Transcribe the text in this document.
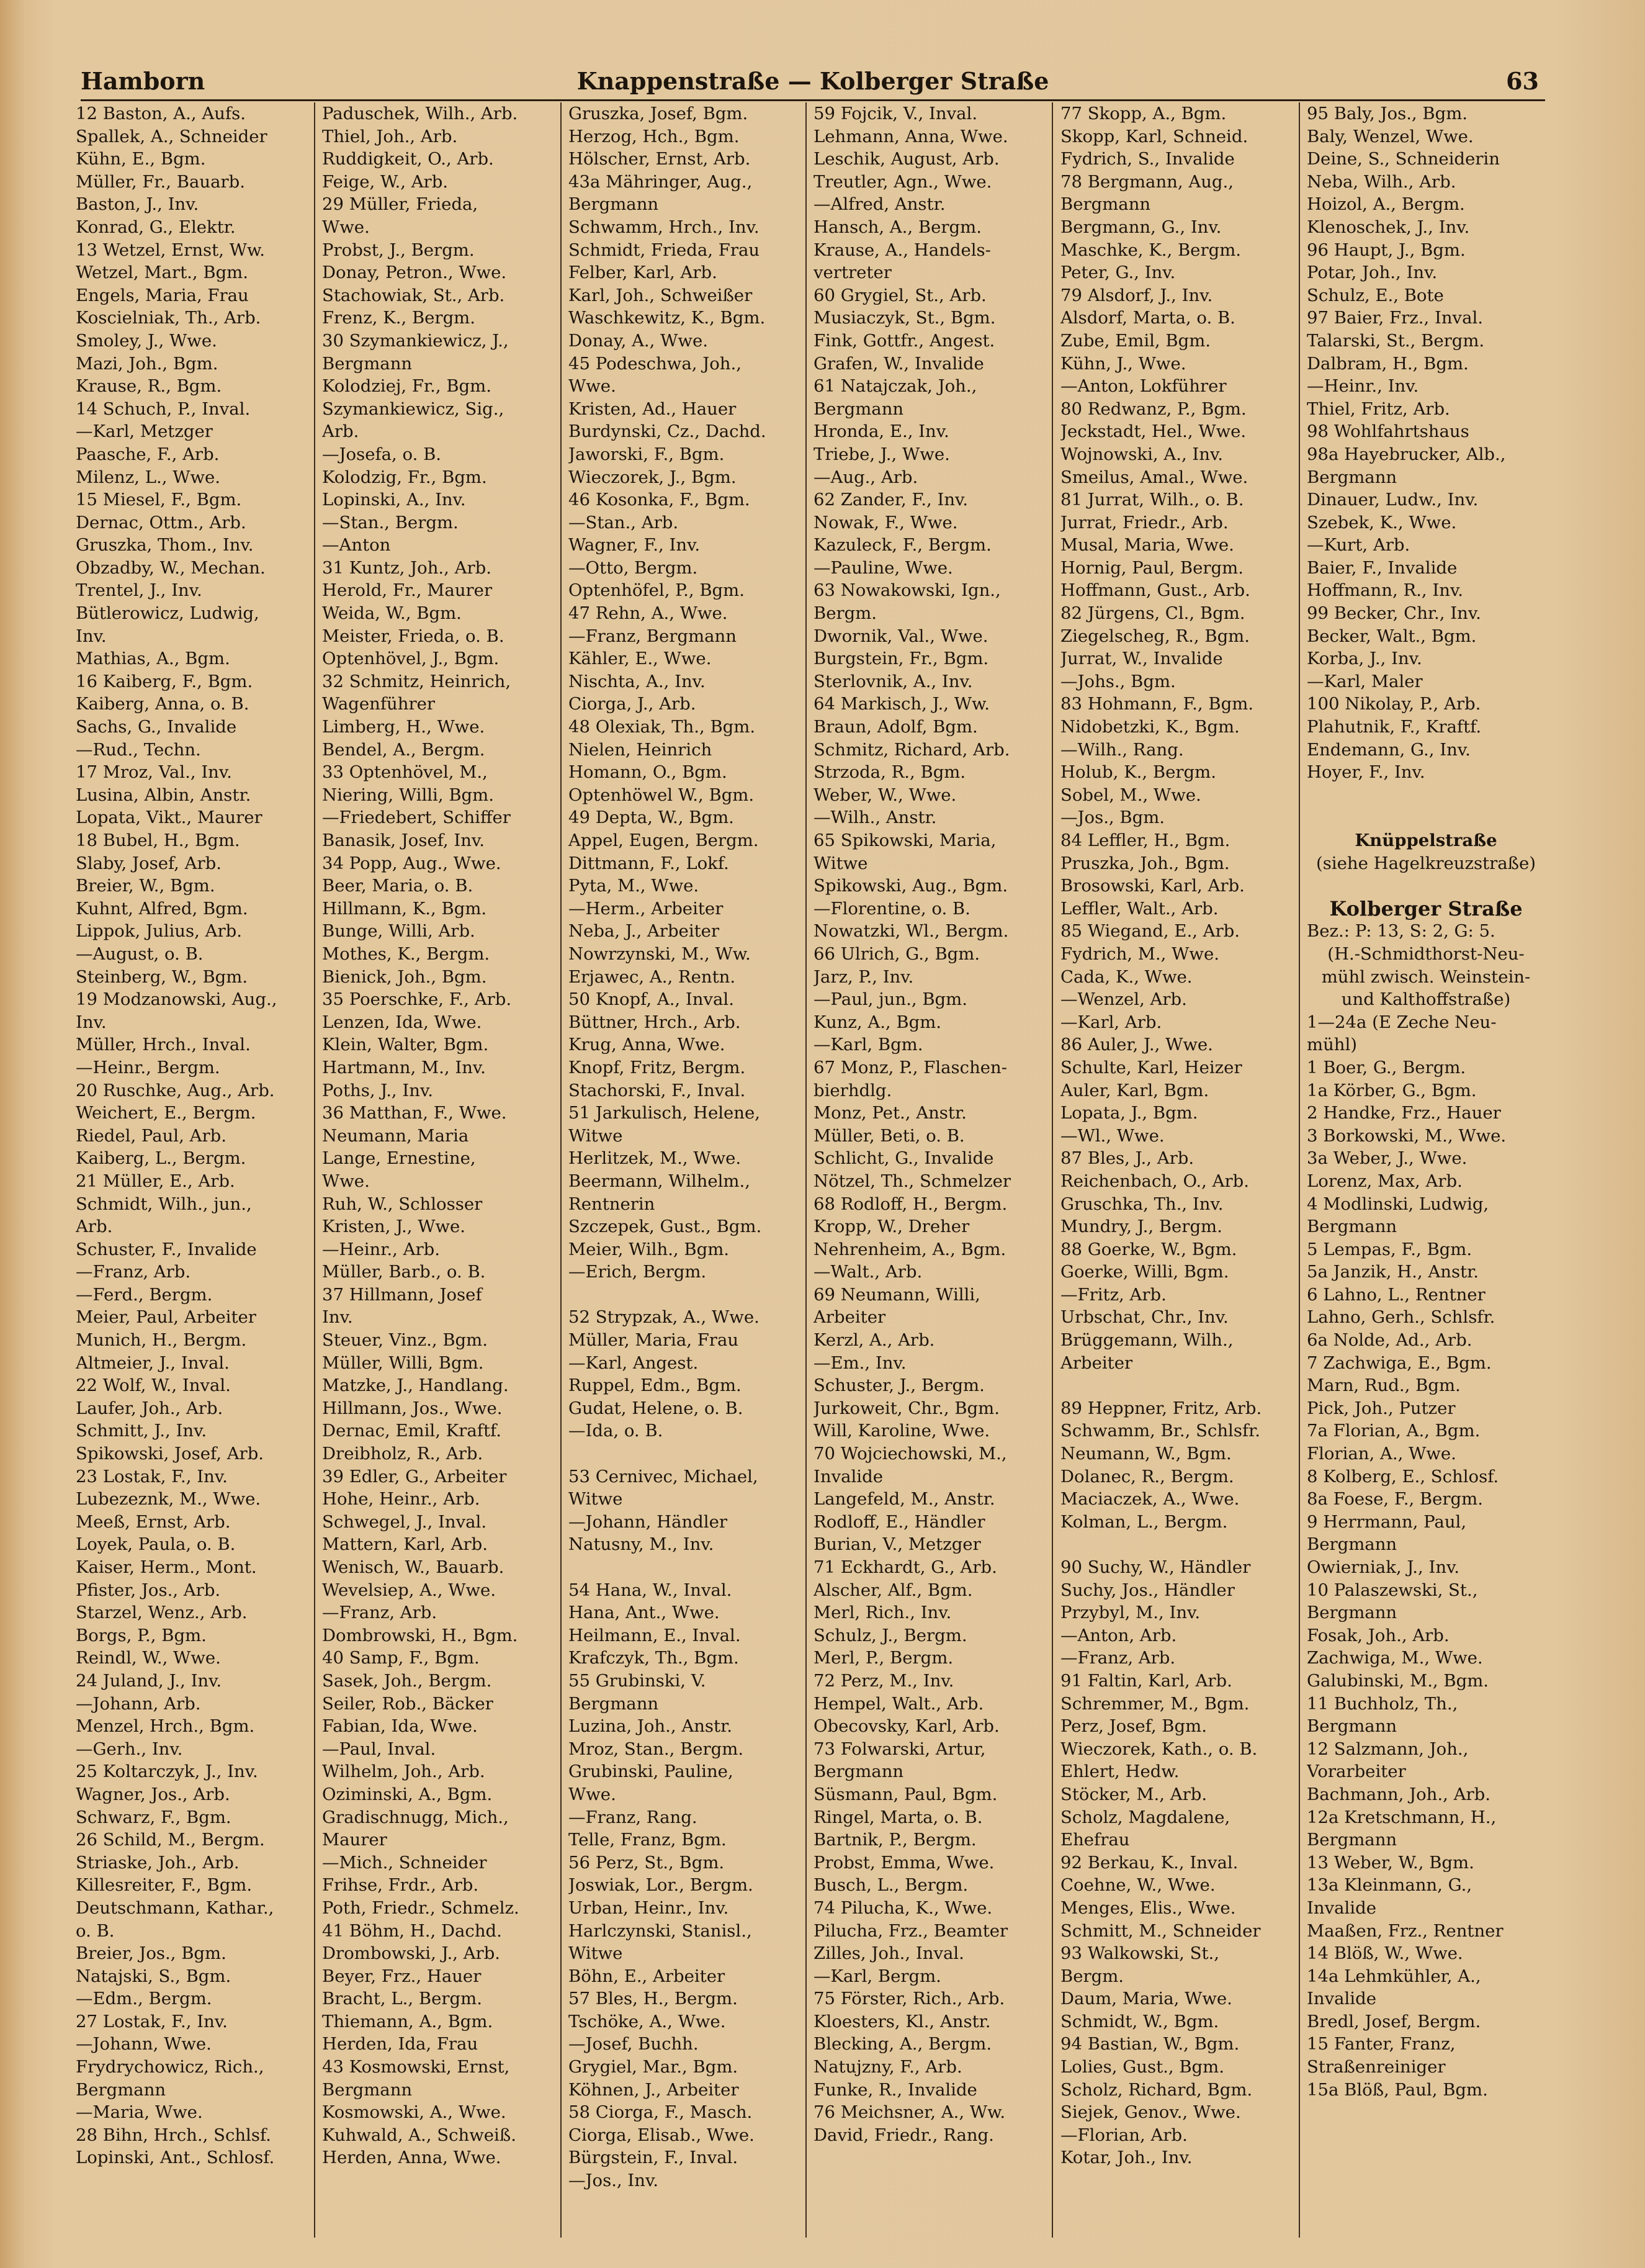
Hamborn	Knappenstraße — Kolberger Straße	63
12 Baston, A., Aufs.
Spallek, A., Schneider
Kühn, E., Bgm.
Müller, Fr., Bauarb.
Baston, J., Inv.
Konrad, G., Elektr.
13 Wetzel, Ernst, Ww.
Wetzel, Mart., Bgm.
Engels, Maria, Frau
Koscielniak, Th., Arb.
Smoley, J., Wwe.
Mazi, Joh., Bgm.
Krause, R., Bgm.
14 Schuch, P., Inval.
—Karl, Metzger
Paasche, F., Arb.
Milenz, L., Wwe.
15 Miesel, F., Bgm.
Dernac, Ottm., Arb.
Gruszka, Thom., Inv.
Obzadby, W., Mechan.
Trentel, J., Inv.
Bütlerowicz, Ludwig,
Inv.
Mathias, A., Bgm.
16 Kaiberg, F., Bgm.
Kaiberg, Anna, o. B.
Sachs, G., Invalide
—Rud., Techn.
17 Mroz, Val., Inv.
Lusina, Albin, Anstr.
Lopata, Vikt., Maurer
18 Bubel, H., Bgm.
Slaby, Josef, Arb.
Breier, W., Bgm.
Kuhnt, Alfred, Bgm.
Lippok, Julius, Arb.
—August, o. B.
Steinberg, W., Bgm.
19 Modzanowski, Aug.,
Inv.
Müller, Hrch., Inval.
—Heinr., Bergm.
20 Ruschke, Aug., Arb.
Weichert, E., Bergm.
Riedel, Paul, Arb.
Kaiberg, L., Bergm.
21 Müller, E., Arb.
Schmidt, Wilh., jun.,
Arb.
Schuster, F., Invalide
—Franz, Arb.
—Ferd., Bergm.
Meier, Paul, Arbeiter
Munich, H., Bergm.
Altmeier, J., Inval.
22 Wolf, W., Inval.
Laufer, Joh., Arb.
Schmitt, J., Inv.
Spikowski, Josef, Arb.
23 Lostak, F., Inv.
Lubezeznk, M., Wwe.
Meeß, Ernst, Arb.
Loyek, Paula, o. B.
Kaiser, Herm., Mont.
Pfister, Jos., Arb.
Starzel, Wenz., Arb.
Borgs, P., Bgm.
Reindl, W., Wwe.
24 Juland, J., Inv.
—Johann, Arb.
Menzel, Hrch., Bgm.
—Gerh., Inv.
25 Koltarczyk, J., Inv.
Wagner, Jos., Arb.
Schwarz, F., Bgm.
26 Schild, M., Bergm.
Striaske, Joh., Arb.
Killesreiter, F., Bgm.
Deutschmann, Kathar.,
o. B.
Breier, Jos., Bgm.
Natajski, S., Bgm.
—Edm., Bergm.
27 Lostak, F., Inv.
—Johann, Wwe.
Frydrychowicz, Rich.,
Bergmann
—Maria, Wwe.
28 Bihn, Hrch., Schlsf.
Lopinski, Ant., Schlosf.
Paduschek, Wilh., Arb.
Thiel, Joh., Arb.
Ruddigkeit, O., Arb.
Feige, W., Arb.
29 Müller, Frieda,
Wwe.
Probst, J., Bergm.
Donay, Petron., Wwe.
Stachowiak, St., Arb.
Frenz, K., Bergm.
30 Szymankiewicz, J.,
Bergmann
Kolodziej, Fr., Bgm.
Szymankiewicz, Sig.,
Arb.
—Josefa, o. B.
Kolodzig, Fr., Bgm.
Lopinski, A., Inv.
—Stan., Bergm.
—Anton
31 Kuntz, Joh., Arb.
Herold, Fr., Maurer
Weida, W., Bgm.
Meister, Frieda, o. B.
Optenhövel, J., Bgm.
32 Schmitz, Heinrich,
Wagenführer
Limberg, H., Wwe.
Bendel, A., Bergm.
33 Optenhövel, M.,
Niering, Willi, Bgm.
—Friedebert, Schiffer
Banasik, Josef, Inv.
34 Popp, Aug., Wwe.
Beer, Maria, o. B.
Hillmann, K., Bgm.
Bunge, Willi, Arb.
Mothes, K., Bergm.
Bienick, Joh., Bgm.
35 Poerschke, F., Arb.
Lenzen, Ida, Wwe.
Klein, Walter, Bgm.
Hartmann, M., Inv.
Poths, J., Inv.
36 Matthan, F., Wwe.
Neumann, Maria
Lange, Ernestine,
Wwe.
Ruh, W., Schlosser
Kristen, J., Wwe.
—Heinr., Arb.
Müller, Barb., o. B.
37 Hillmann, Josef
Inv.
Steuer, Vinz., Bgm.
Müller, Willi, Bgm.
Matzke, J., Handlang.
Hillmann, Jos., Wwe.
Dernac, Emil, Kraftf.
Dreibholz, R., Arb.
39 Edler, G., Arbeiter
Hohe, Heinr., Arb.
Schwegel, J., Inval.
Mattern, Karl, Arb.
Wenisch, W., Bauarb.
Wevelsiep, A., Wwe.
—Franz, Arb.
Dombrowski, H., Bgm.
40 Samp, F., Bgm.
Sasek, Joh., Bergm.
Seiler, Rob., Bäcker
Fabian, Ida, Wwe.
—Paul, Inval.
Wilhelm, Joh., Arb.
Oziminski, A., Bgm.
Gradischnugg, Mich.,
Maurer
—Mich., Schneider
Frihse, Frdr., Arb.
Poth, Friedr., Schmelz.
41 Böhm, H., Dachd.
Drombowski, J., Arb.
Beyer, Frz., Hauer
Bracht, L., Bergm.
Thiemann, A., Bgm.
Herden, Ida, Frau
43 Kosmowski, Ernst,
Bergmann
Kosmowski, A., Wwe.
Kuhwald, A., Schweiß.
Herden, Anna, Wwe.
Gruszka, Josef, Bgm.
Herzog, Hch., Bgm.
Hölscher, Ernst, Arb.
43a Mähringer, Aug.,
Bergmann
Schwamm, Hrch., Inv.
Schmidt, Frieda, Frau
Felber, Karl, Arb.
Karl, Joh., Schweißer
Waschkewitz, K., Bgm.
Donay, A., Wwe.
45 Podeschwa, Joh.,
Wwe.
Kristen, Ad., Hauer
Burdynski, Cz., Dachd.
Jaworski, F., Bgm.
Wieczorek, J., Bgm.
46 Kosonka, F., Bgm.
—Stan., Arb.
Wagner, F., Inv.
—Otto, Bergm.
Optenhöfel, P., Bgm.
47 Rehn, A., Wwe.
—Franz, Bergmann
Kähler, E., Wwe.
Nischta, A., Inv.
Ciorga, J., Arb.
48 Olexiak, Th., Bgm.
Nielen, Heinrich
Homann, O., Bgm.
Optenhöwel W., Bgm.
49 Depta, W., Bgm.
Appel, Eugen, Bergm.
Dittmann, F., Lokf.
Pyta, M., Wwe.
—Herm., Arbeiter
Neba, J., Arbeiter
Nowrzynski, M., Ww.
Erjawec, A., Rentn.
50 Knopf, A., Inval.
Büttner, Hrch., Arb.
Krug, Anna, Wwe.
Knopf, Fritz, Bergm.
Stachorski, F., Inval.
51 Jarkulisch, Helene,
Witwe
Herlitzek, M., Wwe.
Beermann, Wilhelm.,
Rentnerin
Szczepek, Gust., Bgm.
Meier, Wilh., Bgm.
—Erich, Bergm.
52 Strypzak, A., Wwe.
Müller, Maria, Frau
—Karl, Angest.
Ruppel, Edm., Bgm.
Gudat, Helene, o. B.
—Ida, o. B.
53 Cernivec, Michael,
Witwe
—Johann, Händler
Natusny, M., Inv.
54 Hana, W., Inval.
Hana, Ant., Wwe.
Heilmann, E., Inval.
Krafczyk, Th., Bgm.
55 Grubinski, V.
Bergmann
Luzina, Joh., Anstr.
Mroz, Stan., Bergm.
Grubinski, Pauline,
Wwe.
—Franz, Rang.
Telle, Franz, Bgm.
56 Perz, St., Bgm.
Joswiak, Lor., Bergm.
Urban, Heinr., Inv.
Harlczynski, Stanisl.,
Witwe
Böhn, E., Arbeiter
57 Bles, H., Bergm.
Tschöke, A., Wwe.
—Josef, Buchh.
Grygiel, Mar., Bgm.
Köhnen, J., Arbeiter
58 Ciorga, F., Masch.
Ciorga, Elisab., Wwe.
Bürgstein, F., Inval.
—Jos., Inv.
59 Fojcik, V., Inval.
Lehmann, Anna, Wwe.
Leschik, August, Arb.
Treutler, Agn., Wwe.
—Alfred, Anstr.
Hansch, A., Bergm.
Krause, A., Handels-
vertreter
60 Grygiel, St., Arb.
Musiaczyk, St., Bgm.
Fink, Gottfr., Angest.
Grafen, W., Invalide
61 Natajczak, Joh.,
Bergmann
Hronda, E., Inv.
Triebe, J., Wwe.
—Aug., Arb.
62 Zander, F., Inv.
Nowak, F., Wwe.
Kazuleck, F., Bergm.
—Pauline, Wwe.
63 Nowakowski, Ign.,
Bergm.
Dwornik, Val., Wwe.
Burgstein, Fr., Bgm.
Sterlovnik, A., Inv.
64 Markisch, J., Ww.
Braun, Adolf, Bgm.
Schmitz, Richard, Arb.
Strzoda, R., Bgm.
Weber, W., Wwe.
—Wilh., Anstr.
65 Spikowski, Maria,
Witwe
Spikowski, Aug., Bgm.
—Florentine, o. B.
Nowatzki, Wl., Bergm.
66 Ulrich, G., Bgm.
Jarz, P., Inv.
—Paul, jun., Bgm.
Kunz, A., Bgm.
—Karl, Bgm.
67 Monz, P., Flaschen-
bierhdlg.
Monz, Pet., Anstr.
Müller, Beti, o. B.
Schlicht, G., Invalide
Nötzel, Th., Schmelzer
68 Rodloff, H., Bergm.
Kropp, W., Dreher
Nehrenheim, A., Bgm.
—Walt., Arb.
69 Neumann, Willi,
Arbeiter
Kerzl, A., Arb.
—Em., Inv.
Schuster, J., Bergm.
Jurkoweit, Chr., Bgm.
Will, Karoline, Wwe.
70 Wojciechowski, M.,
Invalide
Langefeld, M., Anstr.
Rodloff, E., Händler
Burian, V., Metzger
71 Eckhardt, G., Arb.
Alscher, Alf., Bgm.
Merl, Rich., Inv.
Schulz, J., Bergm.
Merl, P., Bergm.
72 Perz, M., Inv.
Hempel, Walt., Arb.
Obecovsky, Karl, Arb.
73 Folwarski, Artur,
Bergmann
Süsmann, Paul, Bgm.
Ringel, Marta, o. B.
Bartnik, P., Bergm.
Probst, Emma, Wwe.
Busch, L., Bergm.
74 Pilucha, K., Wwe.
Pilucha, Frz., Beamter
Zilles, Joh., Inval.
—Karl, Bergm.
75 Förster, Rich., Arb.
Kloesters, Kl., Anstr.
Blecking, A., Bergm.
Natujzny, F., Arb.
Funke, R., Invalide
76 Meichsner, A., Ww.
David, Friedr., Rang.
77 Skopp, A., Bgm.
Skopp, Karl, Schneid.
Fydrich, S., Invalide
78 Bergmann, Aug.,
Bergmann
Bergmann, G., Inv.
Maschke, K., Bergm.
Peter, G., Inv.
79 Alsdorf, J., Inv.
Alsdorf, Marta, o. B.
Zube, Emil, Bgm.
Kühn, J., Wwe.
—Anton, Lokführer
80 Redwanz, P., Bgm.
Jeckstadt, Hel., Wwe.
Wojnowski, A., Inv.
Smeilus, Amal., Wwe.
81 Jurrat, Wilh., o. B.
Jurrat, Friedr., Arb.
Musal, Maria, Wwe.
Hornig, Paul, Bergm.
Hoffmann, Gust., Arb.
82 Jürgens, Cl., Bgm.
Ziegelscheg, R., Bgm.
Jurrat, W., Invalide
—Johs., Bgm.
83 Hohmann, F., Bgm.
Nidobetzki, K., Bgm.
—Wilh., Rang.
Holub, K., Bergm.
Sobel, M., Wwe.
—Jos., Bgm.
84 Leffler, H., Bgm.
Pruszka, Joh., Bgm.
Brosowski, Karl, Arb.
Leffler, Walt., Arb.
85 Wiegand, E., Arb.
Fydrich, M., Wwe.
Cada, K., Wwe.
—Wenzel, Arb.
—Karl, Arb.
86 Auler, J., Wwe.
Schulte, Karl, Heizer
Auler, Karl, Bgm.
Lopata, J., Bgm.
—Wl., Wwe.
87 Bles, J., Arb.
Reichenbach, O., Arb.
Gruschka, Th., Inv.
Mundry, J., Bergm.
88 Goerke, W., Bgm.
Goerke, Willi, Bgm.
—Fritz, Arb.
Urbschat, Chr., Inv.
Brüggemann, Wilh.,
Arbeiter
89 Heppner, Fritz, Arb.
Schwamm, Br., Schlsfr.
Neumann, W., Bgm.
Dolanec, R., Bergm.
Maciaczek, A., Wwe.
Kolman, L., Bergm.
90 Suchy, W., Händler
Suchy, Jos., Händler
Przybyl, M., Inv.
—Anton, Arb.
—Franz, Arb.
91 Faltin, Karl, Arb.
Schremmer, M., Bgm.
Perz, Josef, Bgm.
Wieczorek, Kath., o. B.
Ehlert, Hedw.
Stöcker, M., Arb.
Scholz, Magdalene,
Ehefrau
92 Berkau, K., Inval.
Coehne, W., Wwe.
Menges, Elis., Wwe.
Schmitt, M., Schneider
93 Walkowski, St.,
Bergm.
Daum, Maria, Wwe.
Schmidt, W., Bgm.
94 Bastian, W., Bgm.
Lolies, Gust., Bgm.
Scholz, Richard, Bgm.
Siejek, Genov., Wwe.
—Florian, Arb.
Kotar, Joh., Inv.
95 Baly, Jos., Bgm.
Baly, Wenzel, Wwe.
Deine, S., Schneiderin
Neba, Wilh., Arb.
Hoizol, A., Bergm.
Klenoschek, J., Inv.
96 Haupt, J., Bgm.
Potar, Joh., Inv.
Schulz, E., Bote
97 Baier, Frz., Inval.
Talarski, St., Bergm.
Dalbram, H., Bgm.
—Heinr., Inv.
Thiel, Fritz, Arb.
98 Wohlfahrtshaus
98a Hayebrucker, Alb.,
Bergmann
Dinauer, Ludw., Inv.
Szebek, K., Wwe.
—Kurt, Arb.
Baier, F., Invalide
Hoffmann, R., Inv.
99 Becker, Chr., Inv.
Becker, Walt., Bgm.
Korba, J., Inv.
—Karl, Maler
100 Nikolay, P., Arb.
Plahutnik, F., Kraftf.
Endemann, G., Inv.
Hoyer, F., Inv.
Knüppelstraße
(siehe Hagelkreuzstraße)
Kolberger Straße
Bez.: P: 13, S: 2, G: 5.
(H.-Schmidthorst-Neu-
mühl zwisch. Weinstein-
und Kalthoffstraße)
1—24a (E Zeche Neu-
mühl)
1 Boer, G., Bergm.
1a Körber, G., Bgm.
2 Handke, Frz., Hauer
3 Borkowski, M., Wwe.
3a Weber, J., Wwe.
Lorenz, Max, Arb.
4 Modlinski, Ludwig,
Bergmann
5 Lempas, F., Bgm.
5a Janzik, H., Anstr.
6 Lahno, L., Rentner
Lahno, Gerh., Schlsfr.
6a Nolde, Ad., Arb.
7 Zachwiga, E., Bgm.
Marn, Rud., Bgm.
Pick, Joh., Putzer
7a Florian, A., Bgm.
Florian, A., Wwe.
8 Kolberg, E., Schlosf.
8a Foese, F., Bergm.
9 Herrmann, Paul,
Bergmann
Owierniak, J., Inv.
10 Palaszewski, St.,
Bergmann
Fosak, Joh., Arb.
Zachwiga, M., Wwe.
Galubinski, M., Bgm.
11 Buchholz, Th.,
Bergmann
12 Salzmann, Joh.,
Vorarbeiter
Bachmann, Joh., Arb.
12a Kretschmann, H.,
Bergmann
13 Weber, W., Bgm.
13a Kleinmann, G.,
Invalide
Maaßen, Frz., Rentner
14 Blöß, W., Wwe.
14a Lehmkühler, A.,
Invalide
Bredl, Josef, Bergm.
15 Fanter, Franz,
Straßenreiniger
15a Blöß, Paul, Bgm.
